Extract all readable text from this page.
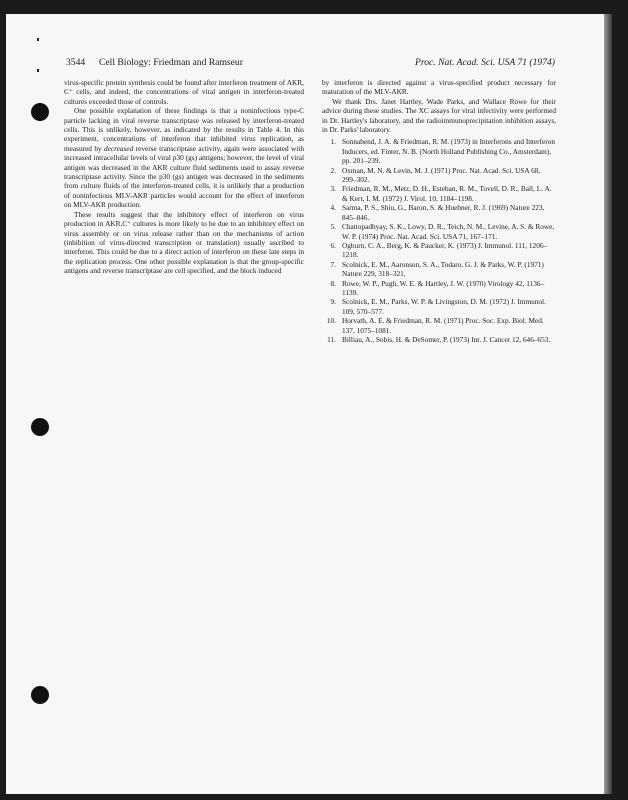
3544 Cell Biology: Friedman and Ramseur	Proc. Nat. Acad. Sci. USA 71 (1974)

virus-specific protein synthesis could be found after interferon treatment of AKR, C⁺ cells, and indeed, the concentrations of viral antigen in interferon-treated cultures exceeded those of controls.

One possible explanation of these findings is that a noninfectious type-C particle lacking in viral reverse transcriptase was released by interferon-treated cells. This is unlikely, however, as indicated by the results in Table 4. In this experiment, concentrations of interferon that inhibited virus replication, as measured by decreased reverse transcriptase activity, again were associated with increased intracellular levels of viral p30 (gs) antigens; however, the level of viral antigen was decreased in the AKR culture fluid sediments used to assay reverse transcriptase activity. Since the p30 (gs) antigen was decreased in the sediments from culture fluids of the interferon-treated cells, it is unlikely that a production of noninfectious MLV-AKR particles would account for the effect of interferon on MLV-AKR production.

These results suggest that the inhibitory effect of interferon on virus production in AKR,C⁺ cultures is more likely to be due to an inhibitory effect on virus assembly or on virus release rather than on the mechanisms of action (inhibition of virus-directed transcription or translation) usually ascribed to interferon. This could be due to a direct action of interferon on these late steps in the replication process. One other possible explanation is that the group-specific antigens and reverse transcriptase are cell specified, and the block induced

by interferon is directed against a virus-specified product necessary for maturation of the MLV-AKR.

We thank Drs. Janet Hartley, Wade Parks, and Wallace Rowe for their advice during these studies. The XC assays for viral infectivity were performed in Dr. Hartley's laboratory, and the radioimmunoprecipitation inhibition assays, in Dr. Parks' laboratory.

1. Sonnabend, J. A. & Friedman, R. M. (1973) in Interferons and Interferon Inducers, ed. Finter, N. B. (North Holland Publishing Co., Amsterdam), pp. 201–239.
2. Oxman, M. N. & Levin, M. J. (1971) Proc. Nat. Acad. Sci. USA 68, 299–302.
3. Friedman, R. M., Metz, D. H., Esteban, R. M., Tovell, D. R., Ball, L. A. & Kerr, I. M. (1972) J. Virol. 10, 1184–1198.
4. Sarma, P. S., Shiu, G., Baron, S. & Huebner, R. J. (1969) Nature 223, 845–846.
5. Chattopadhyay, S. K., Lowy, D. R., Teich, N. M., Levine, A. S. & Rowe, W. P. (1974) Proc. Nat. Acad. Sci. USA 71, 167–171.
6. Ogburn, C. A., Berg, K. & Paucker, K. (1973) J. Immunol. 111, 1206–1218.
7. Scolnick, E. M., Aaronson, S. A., Todaro, G. J. & Parks, W. P. (1971) Nature 229, 318–321.
8. Rowe, W. P., Pugh, W. E. & Hartley, J. W. (1970) Virology 42, 1136–1139.
9. Scolnick, E. M., Parks, W. P. & Livingston, D. M. (1972) J. Immunol. 109, 570–577.
10. Horvath, A. E. & Friedman, R. M. (1971) Proc. Soc. Exp. Biol. Med. 137, 1075–1081.
11. Billiau, A., Sobis, H. & DeSomer, P. (1973) Int. J. Cancer 12, 646–653.
